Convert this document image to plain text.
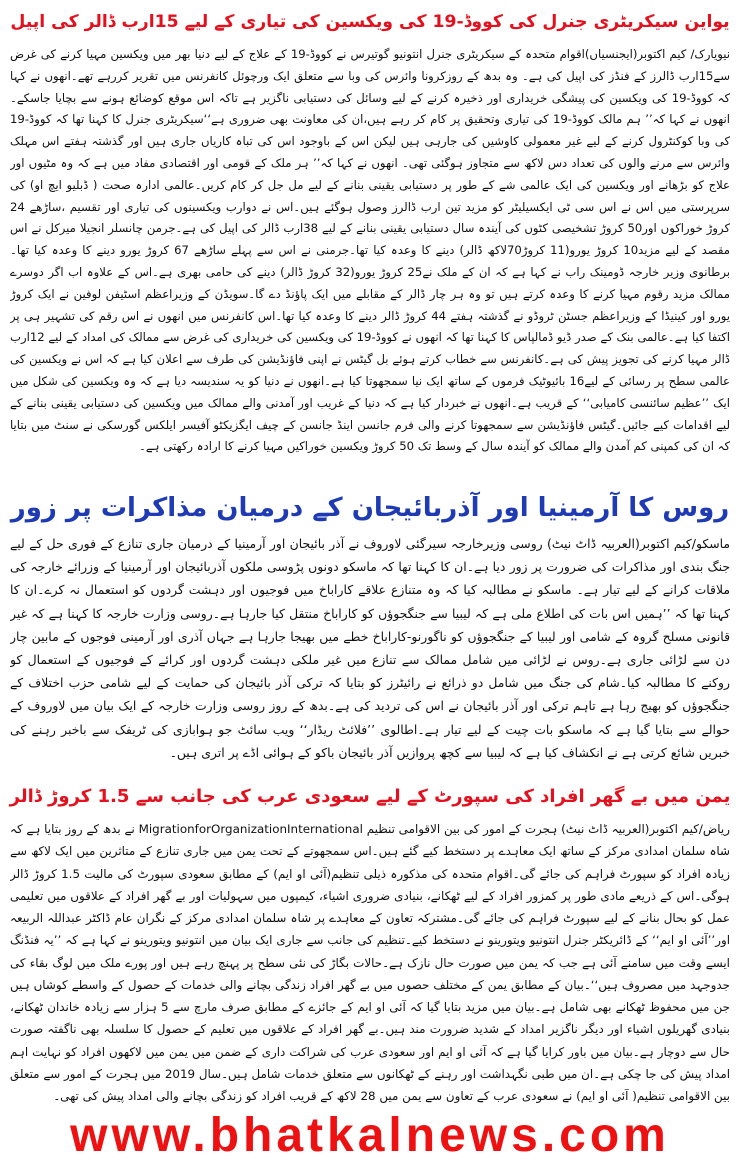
یواین سیکریٹری جنرل کی کووڈ-19 کی ویکسین کی تیاری کے لیے 15ارب ڈالر کی اپیل

نیویارک/ کیم اکتوبر(ایجنسیاں)اقوام متحدہ کے سیکریٹری جنرل انتونیو گوتیرس نے کووڈ-19 کے علاج کے لیے دنیا بھر میں ویکسین مہیا کرنے کی غرض سے15ارب ڈالرز کے فنڈز کی اپیل کی ہے۔ وہ بدھ کے روزکرونا وائرس کی وبا سے متعلق ایک ورچوئل کانفرنس میں تقریر کررہے تھے۔انھوں نے کہا کہ کووڈ-19 کی ویکسین کی پیشگی خریداری اور ذخیرہ کرنے کے لیے وسائل کی دستیابی ناگزیر ہے تاکہ اس موقع کوضائع ہونے سے بچایا جاسکے۔انھوں نے کہا کہ’’ ہم مالک کووڈ-19 کی تیاری وتحقیق پر کام کر رہے ہیں،ان کی معاونت بھی ضروری ہے‘‘سیکریٹری جنرل کا کہنا تھا کہ کووڈ-19 کی وبا کوکنٹرول کرنے کے لیے غیر معمولی کاوشیں کی جارہی ہیں لیکن اس کے باوجود اس کی تباہ کاریاں جاری ہیں اور گذشتہ ہفتے اس مہلک وائرس سے مرنے والوں کی تعداد دس لاکھ سے متجاوز ہوگئی تھی۔ انھوں نے کہا کہ’’ ہر ملک کے قومی اور اقتصادی مفاد میں ہے کہ وہ مٹیوں اور علاج کو بڑھانے اور ویکسین کی ایک عالمی شے کے طور پر دستیابی یقینی بنانے کے لیے مل جل کر کام کریں۔عالمی ادارہ صحت ( ڈبلیو ایچ او) کی سرپرستی میں اس نے اس سی ٹی ایکسیلیٹر کو مزید تین ارب ڈالرز وصول ہوگئے ہیں۔اس نے دوارب ویکسینوں کی تیاری اور تقسیم ،ساڑھے 24 کروڑ خوراکوں اور50 کروڑ تشخیصی کٹوں کی آیندہ سال دستیابی یقینی بنانے کے لیے 38ارب ڈالر کی اپیل کی ہے۔جرمن چانسلر انجیلا میرکل نے اس مقصد کے لیے مزید10 کروڑ یورو(11 کروڑ70لاکھ ڈالر) دینے کا وعدہ کیا تھا۔جرمنی نے اس سے پہلے ساڑھے 67 کروڑ یورو دینے کا وعدہ کیا تھا۔برطانوی وزیر خارجہ ڈومینک راب نے کہا ہے کہ ان کے ملک نے25 کروڑ یورو(32 کروڑ ڈالر) دینے کی حامی بھری ہے۔اس کے علاوہ اب اگر دوسرے ممالک مزید رقوم مہیا کرنے کا وعدہ کرتے ہیں تو وہ ہر چار ڈالر کے مقابلے میں ایک پاؤنڈ دے گا۔سویڈن کے وزیراعظم اسٹیفن لوفین نے ایک کروڑ یورو اور کینیڈا کے وزیراعظم جسٹن ٹروڈو نے گذشتہ ہفتے 44 کروڑ ڈالر دینے کا وعدہ کیا تھا۔اس کانفرنس میں انھوں نے اس رقم کی تشہیر ہی پر اکتفا کیا ہے۔عالمی بنک کے صدر ڈیو ڈمالپاس کا کہنا تھا کہ انھوں نے کووڈ-19 کی ویکسین کی خریداری کی غرض سے ممالک کی امداد کے لیے 12ارب ڈالر مہیا کرنے کی تجویز پیش کی ہے۔کانفرنس سے خطاب کرتے ہوئے بل گیٹس نے اپنی فاؤنڈیشن کی طرف سے اعلان کیا ہے کہ اس نے ویکسین کی عالمی سطح پر رسائی کے لیے16 بائیوٹیک فرموں کے ساتھ ایک نیا سمجھوتا کیا ہے۔انھوں نے دنیا کو یہ سندیسہ دیا ہے کہ وہ ویکسین کی شکل میں ایک ’’عظیم سائنسی کامیابی‘‘ کے قریب ہے۔انھوں نے خبردار کیا ہے کہ دنیا کے غریب اور آمدنی والے ممالک میں ویکسین کی دستیابی یقینی بنانے کے لیے اقدامات کیے جائیں۔گیٹس فاؤنڈیشن سے سمجھوتا کرنے والی فرم جانسن اینڈ جانسن کے چیف ایگزیکٹو آفیسر ایلکس گورسکی نے سنٹ میں بتایا کہ ان کی کمپنی کم آمدن والے ممالک کو آیندہ سال کے وسط تک 50 کروڑ ویکسین خوراکیں مہیا کرنے کا ارادہ رکھتی ہے۔

روس کا آرمینیا اور آذربائیجان کے درمیان مذاکرات پر زور

ماسکو/کیم اکتوبر(العربیہ ڈاٹ نیٹ) روسی وزیرخارجہ سیرگئی لاوروف نے آذر بائیجان اور آرمینیا کے درمیان جاری تنازع کے فوری حل کے لیے جنگ بندی اور مذاکرات کی ضرورت پر زور دیا ہے۔ان کا کہنا تھا کہ ماسکو دونوں پڑوسی ملکوں آذربائیجان اور آرمینیا کے وزرائے خارجہ کی ملاقات کرانے کے لیے تیار ہے۔ ماسکو نے مطالبہ کیا کہ وہ متنازع علاقے کاراباخ میں فوجیوں اور دہشت گردوں کو استعمال نہ کرے۔ان کا کہنا تھا کہ ’’ہمیں اس بات کی اطلاع ملی ہے کہ لیبیا سے جنگجوؤں کو کاراباخ منتقل کیا جارہا ہے۔روسی وزارت خارجہ کا کہنا ہے کہ غیر قانونی مسلح گروہ کے شامی اور لیبیا کے جنگجوؤں کو ناگورنو-کاراباخ خطے میں بھیجا جارہا ہے جہاں آذری اور آرمینی فوجوں کے مابین چار دن سے لڑائی جاری ہے۔روس نے لڑائی میں شامل ممالک سے تنازع میں غیر ملکی دہشت گردوں اور کرائے کے فوجیوں کے استعمال کو روکنے کا مطالبہ کیا۔شام کی جنگ میں شامل دو ذرائع نے رائیٹرز کو بتایا کہ ترکی آذر بائیجان کی حمایت کے لیے شامی حزب اختلاف کے جنگجوؤں کو بھیج رہا ہے تاہم ترکی اور آذر بائیجان نے اس کی تردید کی ہے۔بدھ کے روز روسی وزارت خارجہ کے ایک بیان میں لاوروف کے حوالے سے بتایا گیا ہے کہ ماسکو بات چیت کے لیے تیار ہے۔اطالوی ’’فلائٹ ریڈار‘‘ ویب سائٹ جو ہوابازی کی ٹریفک سے باخبر رہنے کی خبریں شائع کرتی ہے نے انکشاف کیا ہے کہ لیبیا سے کچھ پروازیں آذر بائیجان باکو کے ہوائی اڈے پر اتری ہیں۔

یمن میں بے گھر افراد کی سپورٹ کے لیے سعودی عرب کی جانب سے 1.5 کروڑ ڈالر

ریاض/کیم اکتوبر(العربیہ ڈاٹ نیٹ) ہجرت کے امور کی بین الاقوامی تنظیم MigrationforOrganizationInternational نے بدھ کے روز بتایا ہے کہ شاہ سلمان امدادی مرکز کے ساتھ ایک معاہدے پر دستخط کیے گئے ہیں۔اس سمجھوتے کے تحت یمن میں جاری تنازع کے متاثرین میں ایک لاکھ سے زیادہ افراد کو سپورٹ فراہم کی جائے گی۔اقوام متحدہ کی مذکورہ ذیلی تنظیم(آئی او ایم) کے مطابق سعودی سپورٹ کی مالیت 1.5 کروڑ ڈالر ہوگی۔اس کے ذریعے مادی طور پر کمزور افراد کے لیے ٹھکانے، بنیادی ضروری اشیاء، کیمپوں میں سہولیات اور بے گھر افراد کے علاقوں میں تعلیمی عمل کو بحال بنانے کے لیے سپورٹ فراہم کی جائے گی۔مشترکہ تعاون کے معاہدے پر شاہ سلمان امدادی مرکز کے نگران عام ڈاکٹر عبداللہ الربیعہ اور’’آئی او ایم‘‘ کے ڈائریکٹر جنرل انتونیو ویتورینو نے دستخط کیے۔تنظیم کی جانب سے جاری ایک بیان میں انتونیو ویتورینو نے کہا ہے کہ ’’یہ فنڈنگ ایسے وقت میں سامنے آئی ہے جب کہ یمن میں صورت حال نازک ہے۔حالات بگاڑ کی نئی سطح پر پہنچ رہے ہیں اور پورے ملک میں لوگ بقاء کی جدوجہد میں مصروف ہیں‘‘۔بیان کے مطابق یمن کے مختلف حصوں میں بے گھر افراد زندگی بچانے والی خدمات کے حصول کے واسطے کوشاں ہیں جن میں محفوظ ٹھکانے بھی شامل ہے۔بیان میں مزید بتایا گیا کہ آئی او ایم کے جائزے کے مطابق صرف مارچ سے 5 ہزار سے زیادہ خاندان ٹھکانے، بنیادی گھریلوں اشیاء اور دیگر ناگزیر امداد کے شدید ضرورت مند ہیں۔بے گھر افراد کے علاقوں میں تعلیم کے حصول کا سلسلہ بھی ناگفتہ صورت حال سے دوچار ہے۔بیان میں باور کرایا گیا ہے کہ آئی او ایم اور سعودی عرب کی شراکت داری کے ضمن میں یمن میں لاکھوں افراد کو نہایت اہم امداد پیش کی جا چکی ہے۔ان میں طبی نگہداشت اور رہنے کے ٹھکانوں سے متعلق خدمات شامل ہیں۔سال 2019 میں ہجرت کے امور سے متعلق بین الاقوامی تنظیم( آئی او ایم) نے سعودی عرب کے تعاون سے یمن میں 28 لاکھ کے قریب افراد کو زندگی بچانے والی امداد پیش کی تھی۔

www.bhatkalnews.com
